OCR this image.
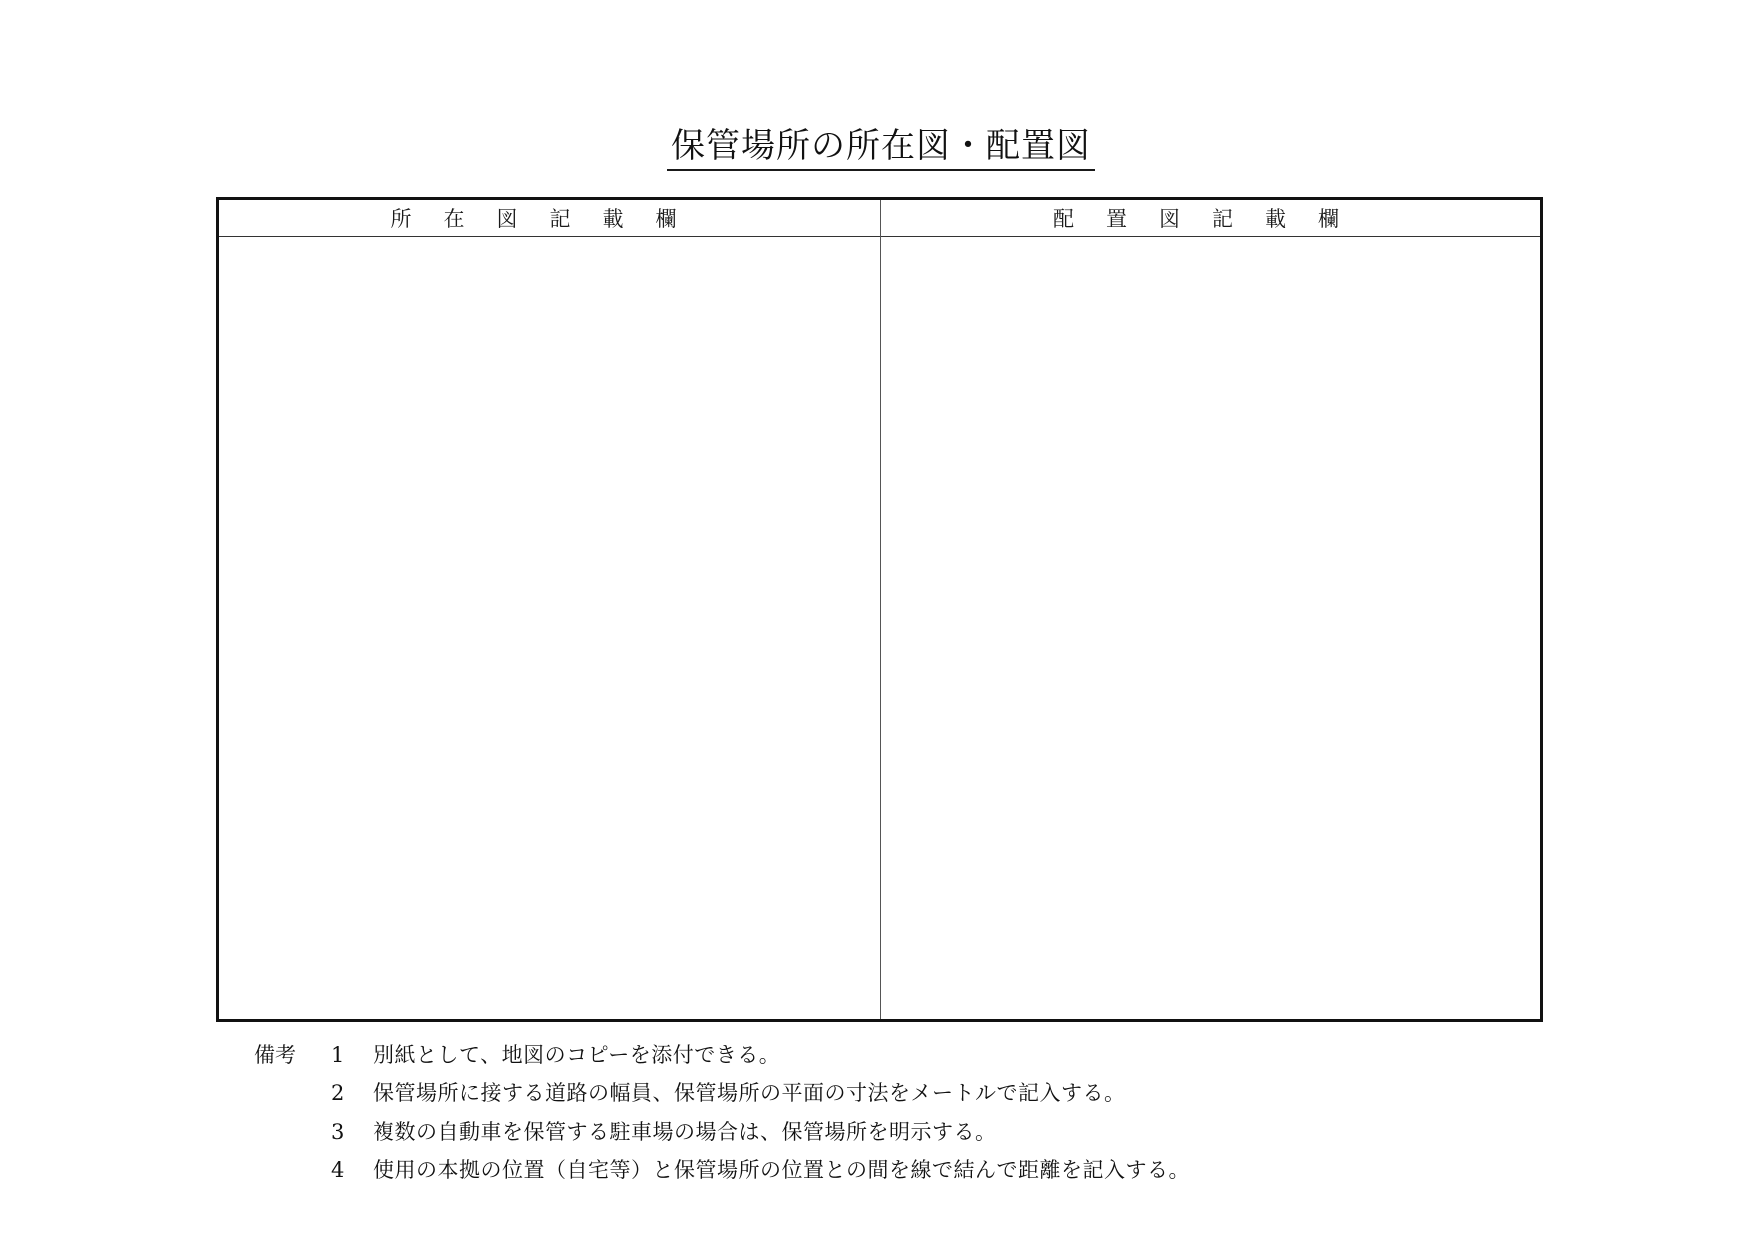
保管場所の所在図・配置図
所在図記載欄	配置図記載欄
備考 1	別紙として、地図のコピーを添付できる。
2	保管場所に接する道路の幅員、保管場所の平面の寸法をメートルで記入する。
3	複数の自動車を保管する駐車場の場合は、保管場所を明示する。
4	使用の本拠の位置（自宅等）と保管場所の位置との間を線で結んで距離を記入する。
